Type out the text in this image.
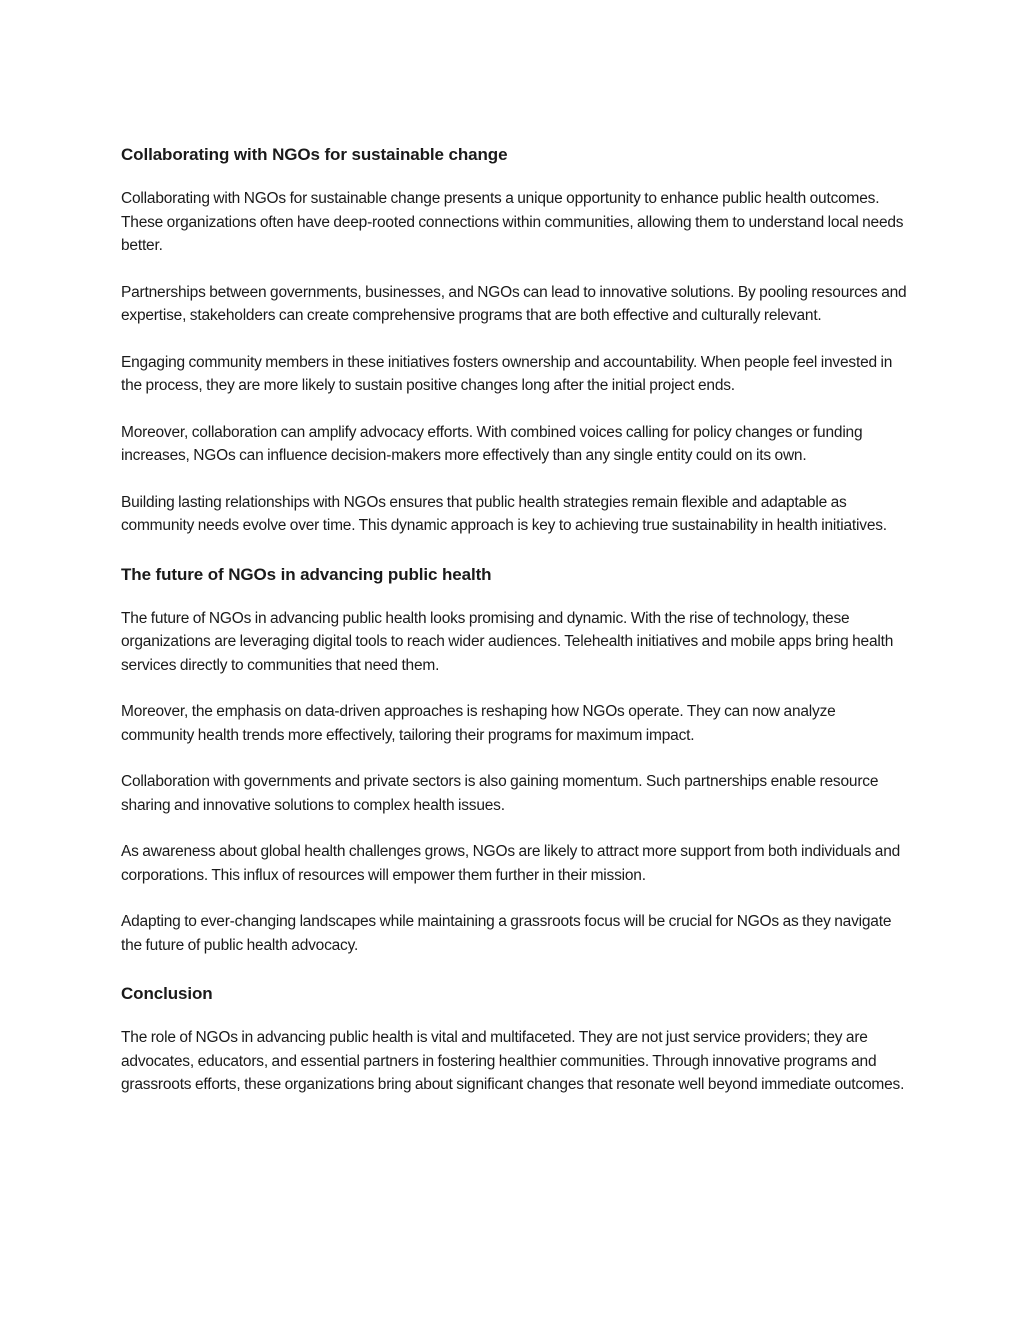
Collaborating with NGOs for sustainable change

Collaborating with NGOs for sustainable change presents a unique opportunity to enhance public health outcomes. These organizations often have deep-rooted connections within communities, allowing them to understand local needs better.

Partnerships between governments, businesses, and NGOs can lead to innovative solutions. By pooling resources and expertise, stakeholders can create comprehensive programs that are both effective and culturally relevant.

Engaging community members in these initiatives fosters ownership and accountability. When people feel invested in the process, they are more likely to sustain positive changes long after the initial project ends.

Moreover, collaboration can amplify advocacy efforts. With combined voices calling for policy changes or funding increases, NGOs can influence decision-makers more effectively than any single entity could on its own.

Building lasting relationships with NGOs ensures that public health strategies remain flexible and adaptable as community needs evolve over time. This dynamic approach is key to achieving true sustainability in health initiatives.

The future of NGOs in advancing public health

The future of NGOs in advancing public health looks promising and dynamic. With the rise of technology, these organizations are leveraging digital tools to reach wider audiences. Telehealth initiatives and mobile apps bring health services directly to communities that need them.

Moreover, the emphasis on data-driven approaches is reshaping how NGOs operate. They can now analyze community health trends more effectively, tailoring their programs for maximum impact.

Collaboration with governments and private sectors is also gaining momentum. Such partnerships enable resource sharing and innovative solutions to complex health issues.

As awareness about global health challenges grows, NGOs are likely to attract more support from both individuals and corporations. This influx of resources will empower them further in their mission.

Adapting to ever-changing landscapes while maintaining a grassroots focus will be crucial for NGOs as they navigate the future of public health advocacy.

Conclusion

The role of NGOs in advancing public health is vital and multifaceted. They are not just service providers; they are advocates, educators, and essential partners in fostering healthier communities. Through innovative programs and grassroots efforts, these organizations bring about significant changes that resonate well beyond immediate outcomes.
